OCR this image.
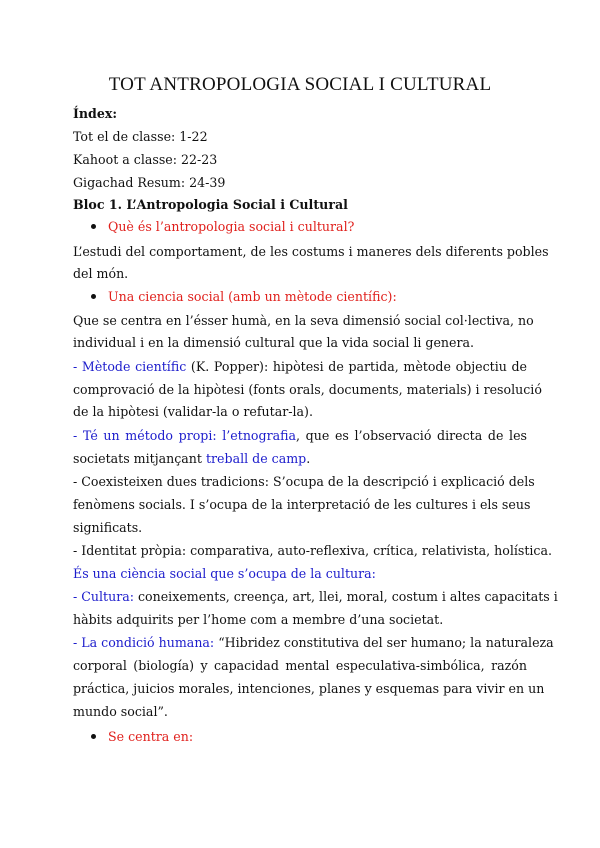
TOT ANTROPOLOGIA SOCIAL I CULTURAL

Índex:

Tot el de classe: 1-22

Kahoot a classe: 22-23

Gigachad Resum: 24-39

Bloc 1. L’Antropologia Social i Cultural

Què és l’antropologia social i cultural?

L’estudi del comportament, de les costums i maneres dels diferents pobles

del món.

Una ciencia social (amb un mètode científic):

Que se centra en l’ésser humà, en la seva dimensió social col·lectiva, no

individual i en la dimensió cultural que la vida social li genera.

- Mètode científic (K. Popper): hipòtesi de partida, mètode objectiu de

comprovació de la hipòtesi (fonts orals, documents, materials) i resolució

de la hipòtesi (validar-la o refutar-la).

- Té un método propi: l’etnografia, que es l’observació directa de les

societats mitjançant treball de camp.

- Coexisteixen dues tradicions: S’ocupa de la descripció i explicació dels

fenòmens socials. I s’ocupa de la interpretació de les cultures i els seus

significats.

- Identitat pròpia: comparativa, auto-reflexiva, crítica, relativista, holística.

És una ciència social que s’ocupa de la cultura:

- Cultura: coneixements, creença, art, llei, moral, costum i altes capacitats i

hàbits adquirits per l’home com a membre d’una societat.

- La condició humana: “Hibridez constitutiva del ser humano; la naturaleza

corporal (biología) y capacidad mental especulativa-simbólica, razón

práctica, juicios morales, intenciones, planes y esquemas para vivir en un

mundo social”.

Se centra en:
